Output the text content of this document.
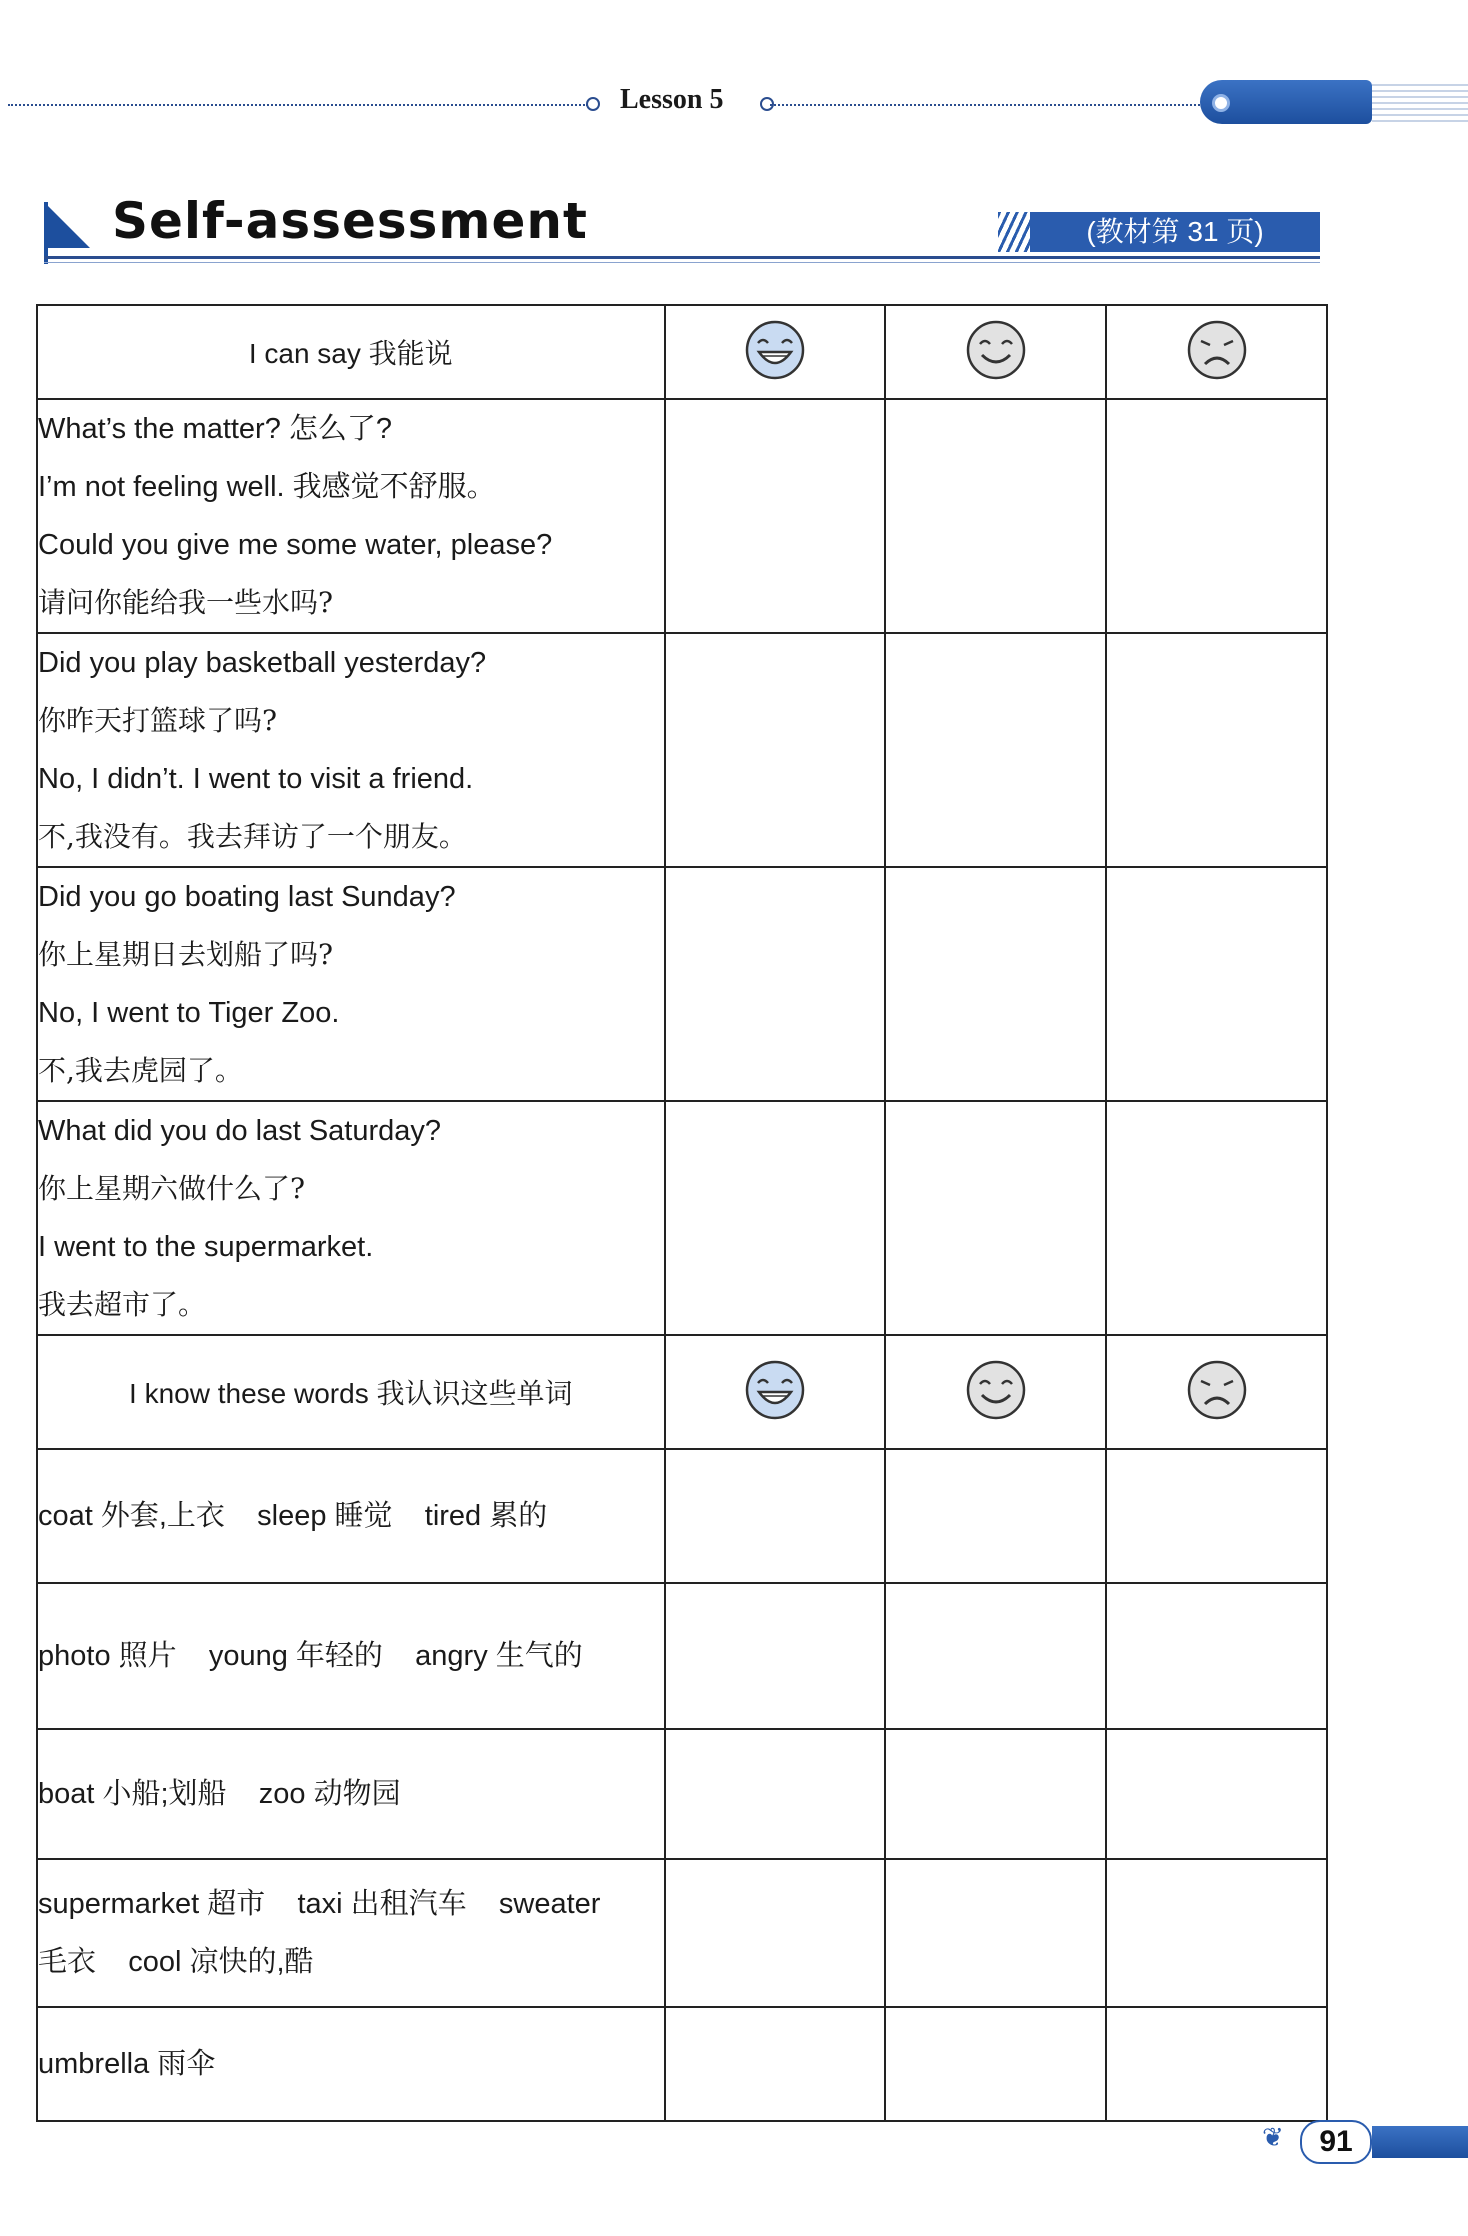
Lesson 5
Self-assessment	(教材第 31 页)
I can say 我能说			

What’s the matter? 怎么了?
I’m not feeling well. 我感觉不舒服。
Could you give me some water, please?
请问你能给我一些水吗?			

Did you play basketball yesterday?
你昨天打篮球了吗?
No, I didn’t. I went to visit a friend.
不,我没有。我去拜访了一个朋友。			

Did you go boating last Sunday?
你上星期日去划船了吗?
No, I went to Tiger Zoo.
不,我去虎园了。			

What did you do last Saturday?
你上星期六做什么了?
I went to the supermarket.
我去超市了。			

I know these words 我认识这些单词			

coat 外套,上衣    sleep 睡觉    tired 累的			

photo 照片    young 年轻的    angry 生气的			

boat 小船;划船    zoo 动物园			

supermarket 超市    taxi 出租汽车    sweater
毛衣    cool 凉快的,酷			

umbrella 雨伞			

❦	91
